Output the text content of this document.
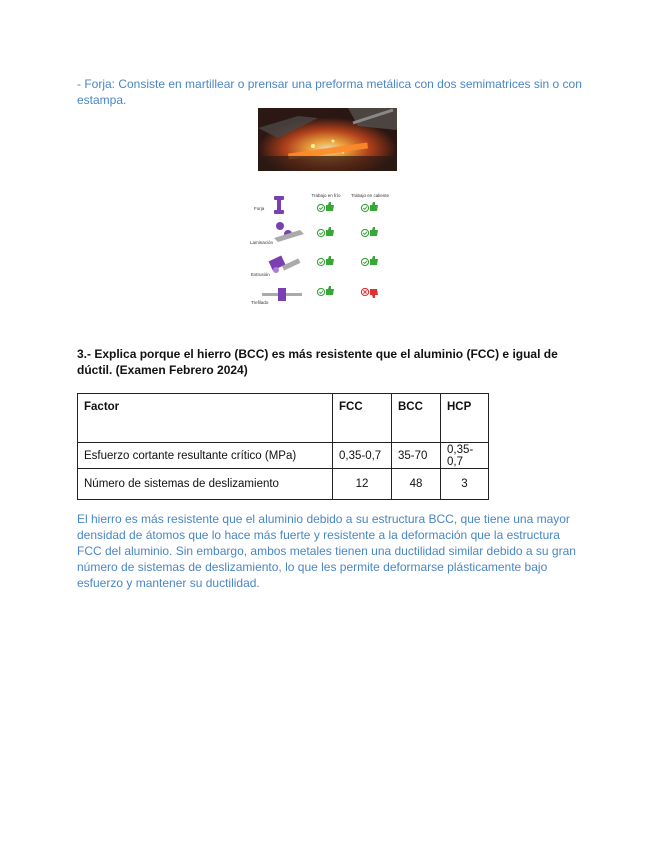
- Forja: Consiste en martillear o prensar una preforma metálica con dos semimatrices sin o con estampa.
Trabajo en frío Trabajo en caliente
Forja
Laminación
Extrusión
Trefilado
3.- Explica porque el hierro (BCC) es más resistente que el aluminio (FCC) e igual de dúctil. (Examen Febrero 2024)
Factor	FCC	BCC	HCP
Esfuerzo cortante resultante crítico (MPa)	0,35-0,7	35-70	0,35-0,7
Número de sistemas de deslizamiento	12	48	3
El hierro es más resistente que el aluminio debido a su estructura BCC, que tiene una mayor densidad de átomos que lo hace más fuerte y resistente a la deformación que la estructura FCC del aluminio. Sin embargo, ambos metales tienen una ductilidad similar debido a su gran número de sistemas de deslizamiento, lo que les permite deformarse plásticamente bajo esfuerzo y mantener su ductilidad.
